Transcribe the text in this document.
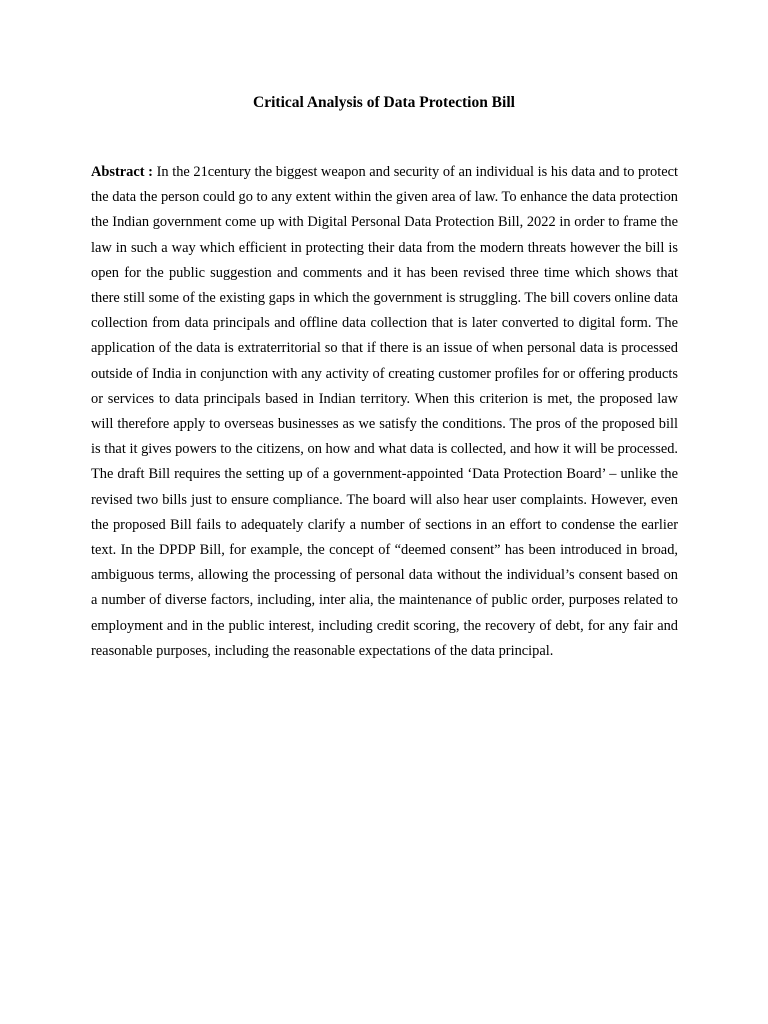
Critical Analysis of Data Protection Bill

Abstract : In the 21century the biggest weapon and security of an individual is his data and to protect the data the person could go to any extent within the given area of law. To enhance the data protection the Indian government come up with Digital Personal Data Protection Bill, 2022 in order to frame the law in such a way which efficient in protecting their data from the modern threats however the bill is open for the public suggestion and comments and it has been revised three time which shows that there still some of the existing gaps in which the government is struggling. The bill covers online data collection from data principals and offline data collection that is later converted to digital form. The application of the data is extraterritorial so that if there is an issue of when personal data is processed outside of India in conjunction with any activity of creating customer profiles for or offering products or services to data principals based in Indian territory. When this criterion is met, the proposed law will therefore apply to overseas businesses as we satisfy the conditions. The pros of the proposed bill is that it gives powers to the citizens, on how and what data is collected, and how it will be processed. The draft Bill requires the setting up of a government-appointed ‘Data Protection Board’ – unlike the revised two bills just to ensure compliance. The board will also hear user complaints. However, even the proposed Bill fails to adequately clarify a number of sections in an effort to condense the earlier text. In the DPDP Bill, for example, the concept of “deemed consent” has been introduced in broad, ambiguous terms, allowing the processing of personal data without the individual’s consent based on a number of diverse factors, including, inter alia, the maintenance of public order, purposes related to employment and in the public interest, including credit scoring, the recovery of debt, for any fair and reasonable purposes, including the reasonable expectations of the data principal.
